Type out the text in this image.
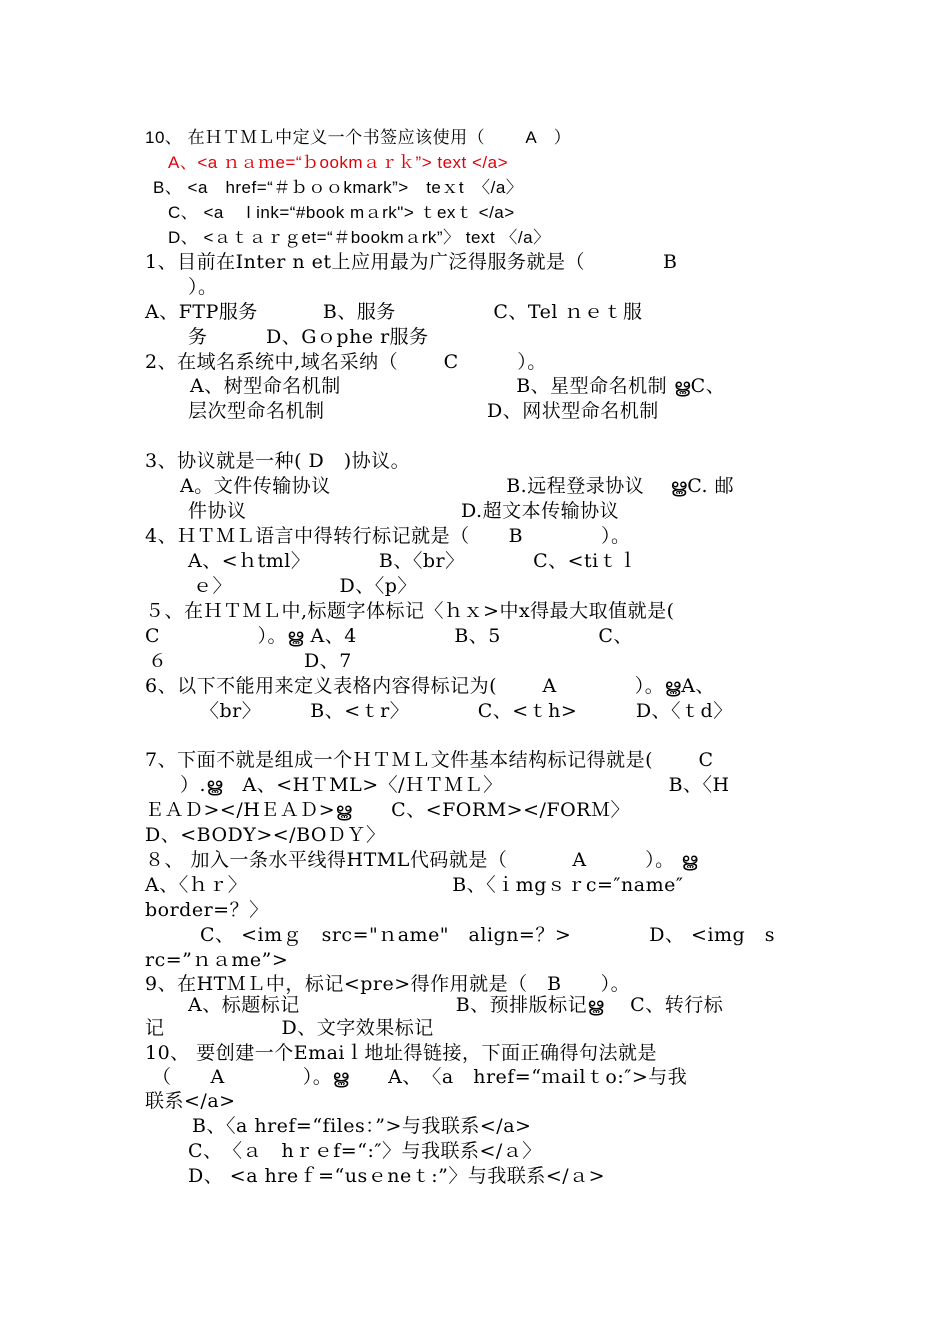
10、 在ＨＴＭＬ中定义一个书签应该使用（　　 A　）
A、<a ｎａｍe=“ｂookmａｒｋ”> text </a>
B、 <a　href=“＃ｂｏｏkmark”>　teｘt　〈/a〉
C、 <a　 l ink=“#book mａrk"> ｔexｔ </a>
D、 <ａｔａｒｇet=“＃bookmａrk”〉 text 〈/a〉
1、目前在Inter n et上应用最为广泛得服务就是（　　　　B
）。
A、FTP服务　　　 B、服务　　　　　C、Tel ｎｅｔ服
务　　　D、Gｏphe r服务
2、在域名系统中,域名采纳（　　 C　　　）。
A、树型命名机制　　　　　　　　　B、星型命名机制 ൠC、
层次型命名机制　　　　　　　　 D、网状型命名机制
3、协议就是一种( D　)协议。
A。文件传输协议　　　　　　　　　B.远程登录协议　 ൠC. 邮
件协议　　　　　　　　　　　D.超文本传输协议
4、ＨＴＭＬ语言中得转行标记就是（　　B　　　　）。
A、<ｈtml〉　　　　B、〈br〉　　　　C、<tiｔｌ
ｅ〉　　　　　　D、〈p〉
５、在ＨＴＭＬ中,标题字体标记〈ｈｘ>中x得最大取值就是(
C　　　　　）。ൠ A、4　　　　　B、5　　　　　C、
６　　　　　　　D、7
6、以下不能用来定义表格内容得标记为(　　 A　　　　）。ൠA、
〈br〉　　　B、<ｔr〉　　　　C、<ｔh>　　　D、〈ｔd〉
7、下面不就是组成一个ＨＴＭＬ文件基本结构标记得就是(　　 C
）.ൠ　A、<HＴML>〈/ＨＴＭＬ〉　　　　　　　　　B、〈H
ＥＡＤ></HＥＡＤ>ൠ　　C、<FORM></FORＭ〉
D、<BODY></BOＤＹ〉
８、 加入一条水平线得HTML代码就是（　　　 A　　　）。 ൠ
A、〈ｈｒ〉　　　　　　　　　　　B、〈ｉmgｓｒc=″name″
border=？〉
C、 <imｇ　src="ｎame"　align=？>　　　　D、 <img　s
rc=”ｎａme”>
9、在HTＭＬ中，标记<pre>得作用就是（　B　　）。
A、标题标记　　　　　　　　B、预排版标记ൠ　 C、转行标
记　　　　　　D、文字效果标记
10、 要创建一个Emaiｌ地址得链接，下面正确得句法就是
（　　A　　　　）。ൠ　　A、　〈a　href=“ｍailｔo:″>与我
联系</a>
B、〈a href=“files：”>与我联系</a>
C、　〈ａ　hｒｅf=“:″〉与我联系</ａ〉
D、 <a hreｆ=“usｅneｔ:”〉与我联系</ａ>
